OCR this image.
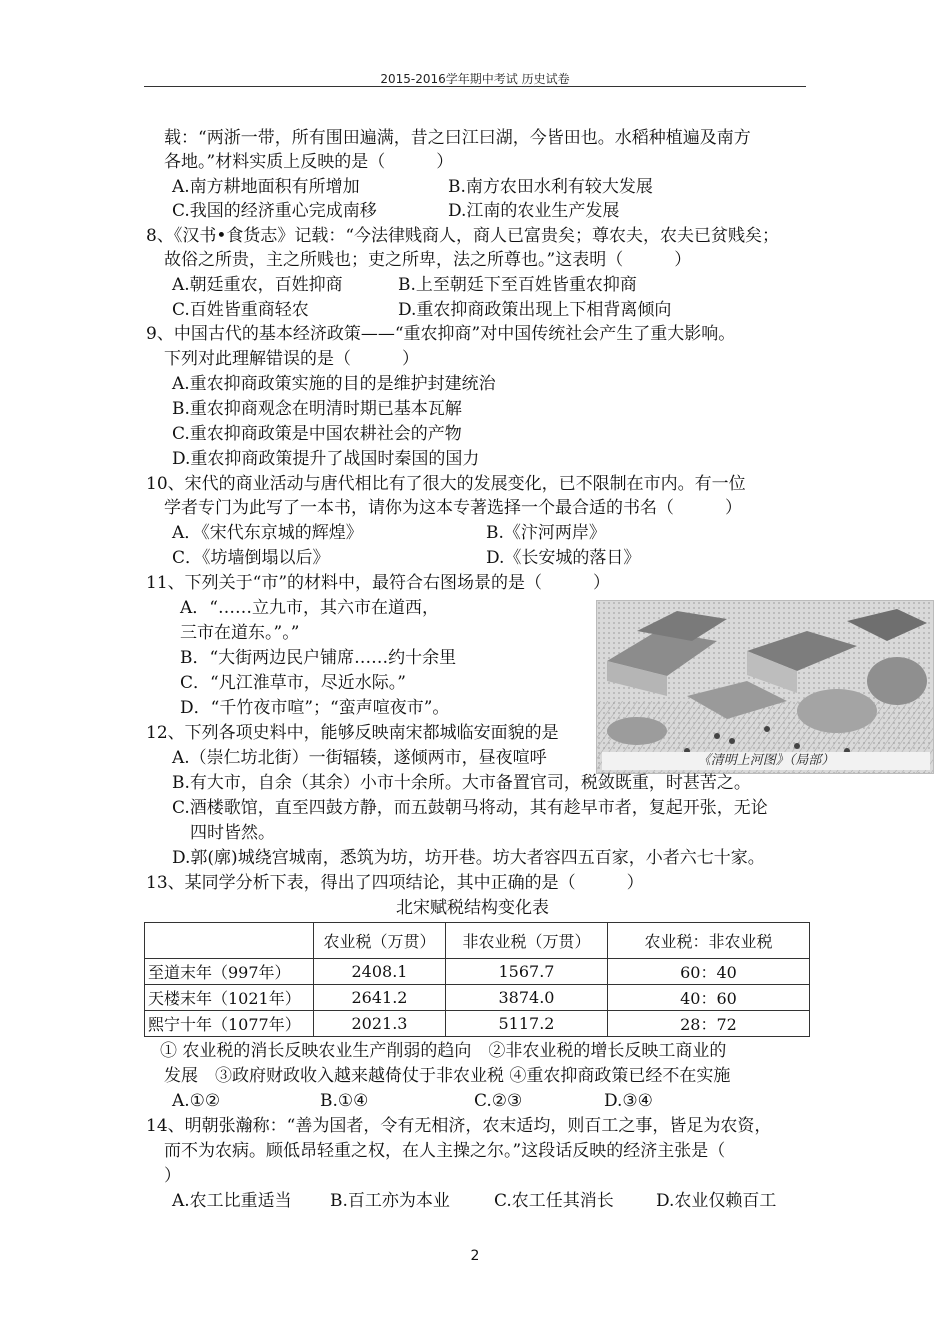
2015-2016学年期中考试 历史试卷
载：“两浙一带，所有围田遍满，昔之曰江曰湖，今皆田也。水稻种植遍及南方
各地。”材料实质上反映的是（　　　）
A.南方耕地面积有所增加	B.南方农田水利有较大发展
C.我国的经济重心完成南移	D.江南的农业生产发展
8、《汉书•食货志》记载：“今法律贱商人，商人已富贵矣；尊农夫，农夫已贫贱矣；
故俗之所贵，主之所贱也；吏之所卑，法之所尊也。”这表明（　　　）
A.朝廷重农，百姓抑商	B.上至朝廷下至百姓皆重农抑商
C.百姓皆重商轻农	D.重农抑商政策出现上下相背离倾向
9、中国古代的基本经济政策——“重农抑商”对中国传统社会产生了重大影响。
下列对此理解错误的是（　　　）
A.重农抑商政策实施的目的是维护封建统治
B.重农抑商观念在明清时期已基本瓦解
C.重农抑商政策是中国农耕社会的产物
D.重农抑商政策提升了战国时秦国的国力
10、宋代的商业活动与唐代相比有了很大的发展变化，已不限制在市内。有一位
学者专门为此写了一本书，请你为这本专著选择一个最合适的书名（　　　）
A．《宋代东京城的辉煌》	B.《汴河两岸》
C．《坊墙倒塌以后》	D.《长安城的落日》
11、下列关于“市”的材料中，最符合右图场景的是（　　　）
A．“……立九市，其六市在道西，
三市在道东。”。”
B．“大街两边民户铺席……约十余里
C．“凡江淮草市，尽近水际。”
D．“千竹夜市喧”；“蛮声喧夜市”。
12、下列各项史料中，能够反映南宋都城临安面貌的是
A.（崇仁坊北街）一街辐辏，遂倾两市，昼夜喧呼	《清明上河图》（局部）
B.有大市，自余（其余）小市十余所。大市备置官司，税敛既重，时甚苦之。
C.酒楼歌馆，直至四鼓方静，而五鼓朝马将动，其有趁早市者，复起开张，无论
四时皆然。
D.郭(廓)城绕宫城南，悉筑为坊，坊开巷。坊大者容四五百家，小者六七十家。
13、某同学分析下表，得出了四项结论，其中正确的是（　　　）
北宋赋税结构变化表
	农业税（万贯）	非农业税（万贯）	农业税：非农业税
至道末年（997年）	2408.1	1567.7	60：40
天楼末年（1021年）	2641.2	3874.0	40：60
熙宁十年（1077年）	2021.3	5117.2	28：72
① 农业税的消长反映农业生产削弱的趋向　②非农业税的增长反映工商业的
发展　③政府财政收入越来越倚仗于非农业税 ④重农抑商政策已经不在实施
A.①②	B.①④	C.②③	D.③④
14、明朝张瀚称：“善为国者，令有无相济，农末适均，则百工之事，皆足为农资，
而不为农病。顾低昂轻重之权，在人主操之尔。”这段话反映的经济主张是（
）
A.农工比重适当 B.百工亦为本业	C.农工任其消长 D.农业仅赖百工
2
